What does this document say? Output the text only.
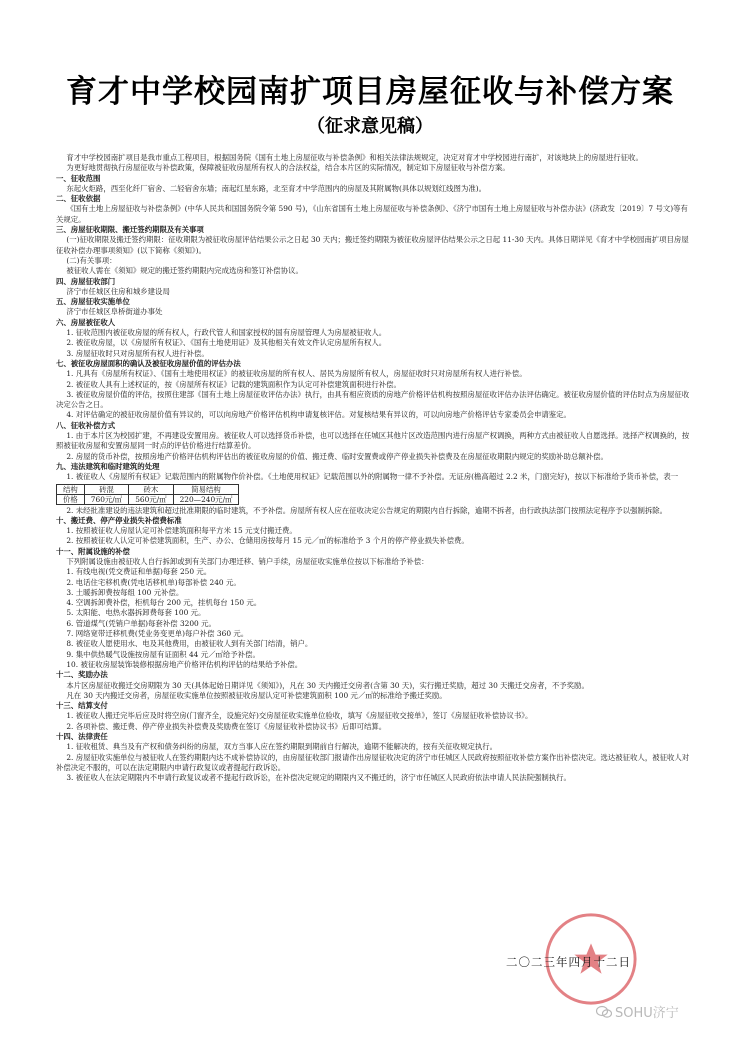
育才中学校园南扩项目房屋征收与补偿方案
（征求意见稿）

育才中学校园南扩项目是我市重点工程项目，根据国务院《国有土地上房屋征收与补偿条例》和相关法律法规规定，决定对育才中学校园进行南扩，对该地块上的房屋进行征收。

为更好地贯彻执行房屋征收与补偿政策，保障被征收房屋所有权人的合法权益，结合本片区的实际情况，制定如下房屋征收与补偿方案。

一、征收范围

东起火炬路，西至化纤厂宿舍、二轻宿舍东墙；南起红星东路，北至育才中学范围内的房屋及其附属物(具体以规划红线图为准)。

二、征收依据

《国有土地上房屋征收与补偿条例》(中华人民共和国国务院令第 590 号)，《山东省国有土地上房屋征收与补偿条例》、《济宁市国有土地上房屋征收与补偿办法》(济政发〔2019〕7 号文)等有关规定。

三、房屋征收期限、搬迁签约期限及有关事项

(一)征收期限及搬迁签约期限：征收期限为被征收房屋评估结果公示之日起 30 天内；搬迁签约期限为被征收房屋评估结果公示之日起 11-30 天内。具体日期详见《育才中学校园南扩项目房屋征收补偿办理事项须知》(以下简称《须知》)。

(二)有关事项：

被征收人需在《须知》规定的搬迁签约期限内完成选房和签订补偿协议。

四、房屋征收部门

济宁市任城区住房和城乡建设局

五、房屋征收实施单位

济宁市任城区阜桥街道办事处

六、房屋被征收人

1. 征收范围内被征收房屋的所有权人，行政代管人和国家授权的国有房屋管理人为房屋被征收人。

2. 被征收房屋，以《房屋所有权证》、《国有土地使用证》及其他相关有效文件认定房屋所有权人。

3. 房屋征收时只对房屋所有权人进行补偿。

七、被征收房屋面积的确认及被征收房屋价值的评估办法

1. 凡具有《房屋所有权证》、《国有土地使用权证》的被征收房屋的所有权人、居民为房屋所有权人，房屋征收时只对房屋所有权人进行补偿。

2. 被征收人具有上述权证的，按《房屋所有权证》记载的建筑面积作为认定可补偿建筑面积进行补偿。

3. 被征收房屋价值的评估，按照住建部《国有土地上房屋征收评估办法》执行，由具有相应资质的房地产价格评估机构按照房屋征收评估办法评估确定。被征收房屋价值的评估时点为房屋征收决定公告之日。

4. 对评估确定的被征收房屋价值有异议的，可以向房地产价格评估机构申请复核评估。对复核结果有异议的，可以向房地产价格评估专家委员会申请鉴定。

八、征收补偿方式

1. 由于本片区为校园扩建，不再建设安置用房。被征收人可以选择货币补偿，也可以选择在任城区其他片区改造范围内进行房屋产权调换，两种方式由被征收人自愿选择。选择产权调换的，按照被征收房屋和安置房屋同一时点的评估价格进行结算差价。

2. 房屋的货币补偿，按照房地产价格评估机构评估出的被征收房屋的价值、搬迁费、临时安置费或停产停业损失补偿费及在房屋征收期限内规定的奖励补助总额补偿。

九、违法建筑和临时建筑的处理

1. 被征收人《房屋所有权证》记载范围内的附属物作价补偿。《土地使用权证》记载范围以外的附属物一律不予补偿。无证房(檐高超过 2.2 米，门窗完好)，按以下标准给予货币补偿，表一

结构	砖混	砖木	简易结构
价格	760元/㎡	560元/㎡	220—240元/㎡

2. 未经批准建设的违法建筑和超过批准期限的临时建筑，不予补偿。房屋所有权人应在征收决定公告规定的期限内自行拆除，逾期不拆者，由行政执法部门按照法定程序予以强制拆除。

十、搬迁费、停产停业损失补偿费标准

1. 按照被征收人房屋认定可补偿建筑面积每平方米 15 元支付搬迁费。

2. 按照被征收人认定可补偿建筑面积，生产、办公、仓储用房按每月 15 元／㎡的标准给予 3 个月的停产停业损失补偿费。

十一、附属设施的补偿

下列附属设施由被征收人自行拆卸或到有关部门办理迁移、销户手续，房屋征收实施单位按以下标准给予补偿：

1. 有线电视(凭交费证和单据)每套 250 元。

2. 电话住宅移机费(凭电话移机单)每部补偿 240 元。

3. 土暖拆卸费按每组 100 元补偿。

4. 空调拆卸费补偿，柜机每台 200 元，挂机每台 150 元。

5. 太阳能、电热水器拆卸费每套 100 元。

6. 管道煤气(凭销户单据)每套补偿 3200 元。

7. 网络宽带迁移机费(凭业务变更单)每户补偿 360 元。

8. 被征收人愿使用水、电及其他费用，由被征收人到有关部门结清，销户。

9. 集中供热暖气设施按房屋有证面积 44 元／㎡给予补偿。

10. 被征收房屋装饰装修根据房地产价格评估机构评估的结果给予补偿。

十二、奖励办法

本片区房屋征收搬迁交房期限为 30 天(具体起始日期详见《须知》)，凡在 30 天内搬迁交房者(含第 30 天)，实行搬迁奖励，超过 30 天搬迁交房者，不予奖励。

凡在 30 天内搬迁交房者，房屋征收实施单位按照被征收房屋认定可补偿建筑面积 100 元／㎡的标准给予搬迁奖励。

十三、结算支付

1. 被征收人搬迁完毕后应及时将空房(门窗齐全，设施完好)交房屋征收实施单位验收，填写《房屋征收交接单》，签订《房屋征收补偿协议书》。

2. 各项补偿、搬迁费、停产停业损失补偿费及奖励费在签订《房屋征收补偿协议书》后即可结算。

十四、法律责任

1. 征收租赁、典当及有产权和债务纠纷的房屋，双方当事人应在签约期限到期前自行解决，逾期不能解决的，按有关征收规定执行。

2. 房屋征收实施单位与被征收人在签约期限内达不成补偿协议的，由房屋征收部门报请作出房屋征收决定的济宁市任城区人民政府按照征收补偿方案作出补偿决定。选达被征收人，被征收人对补偿决定不服的，可以在法定期限内申请行政复议或者提起行政诉讼。

3. 被征收人在法定期限内不申请行政复议或者不提起行政诉讼，在补偿决定规定的期限内又不搬迁的，济宁市任城区人民政府依法申请人民法院强制执行。

二〇二三年四月十二日
SOHU济宁
